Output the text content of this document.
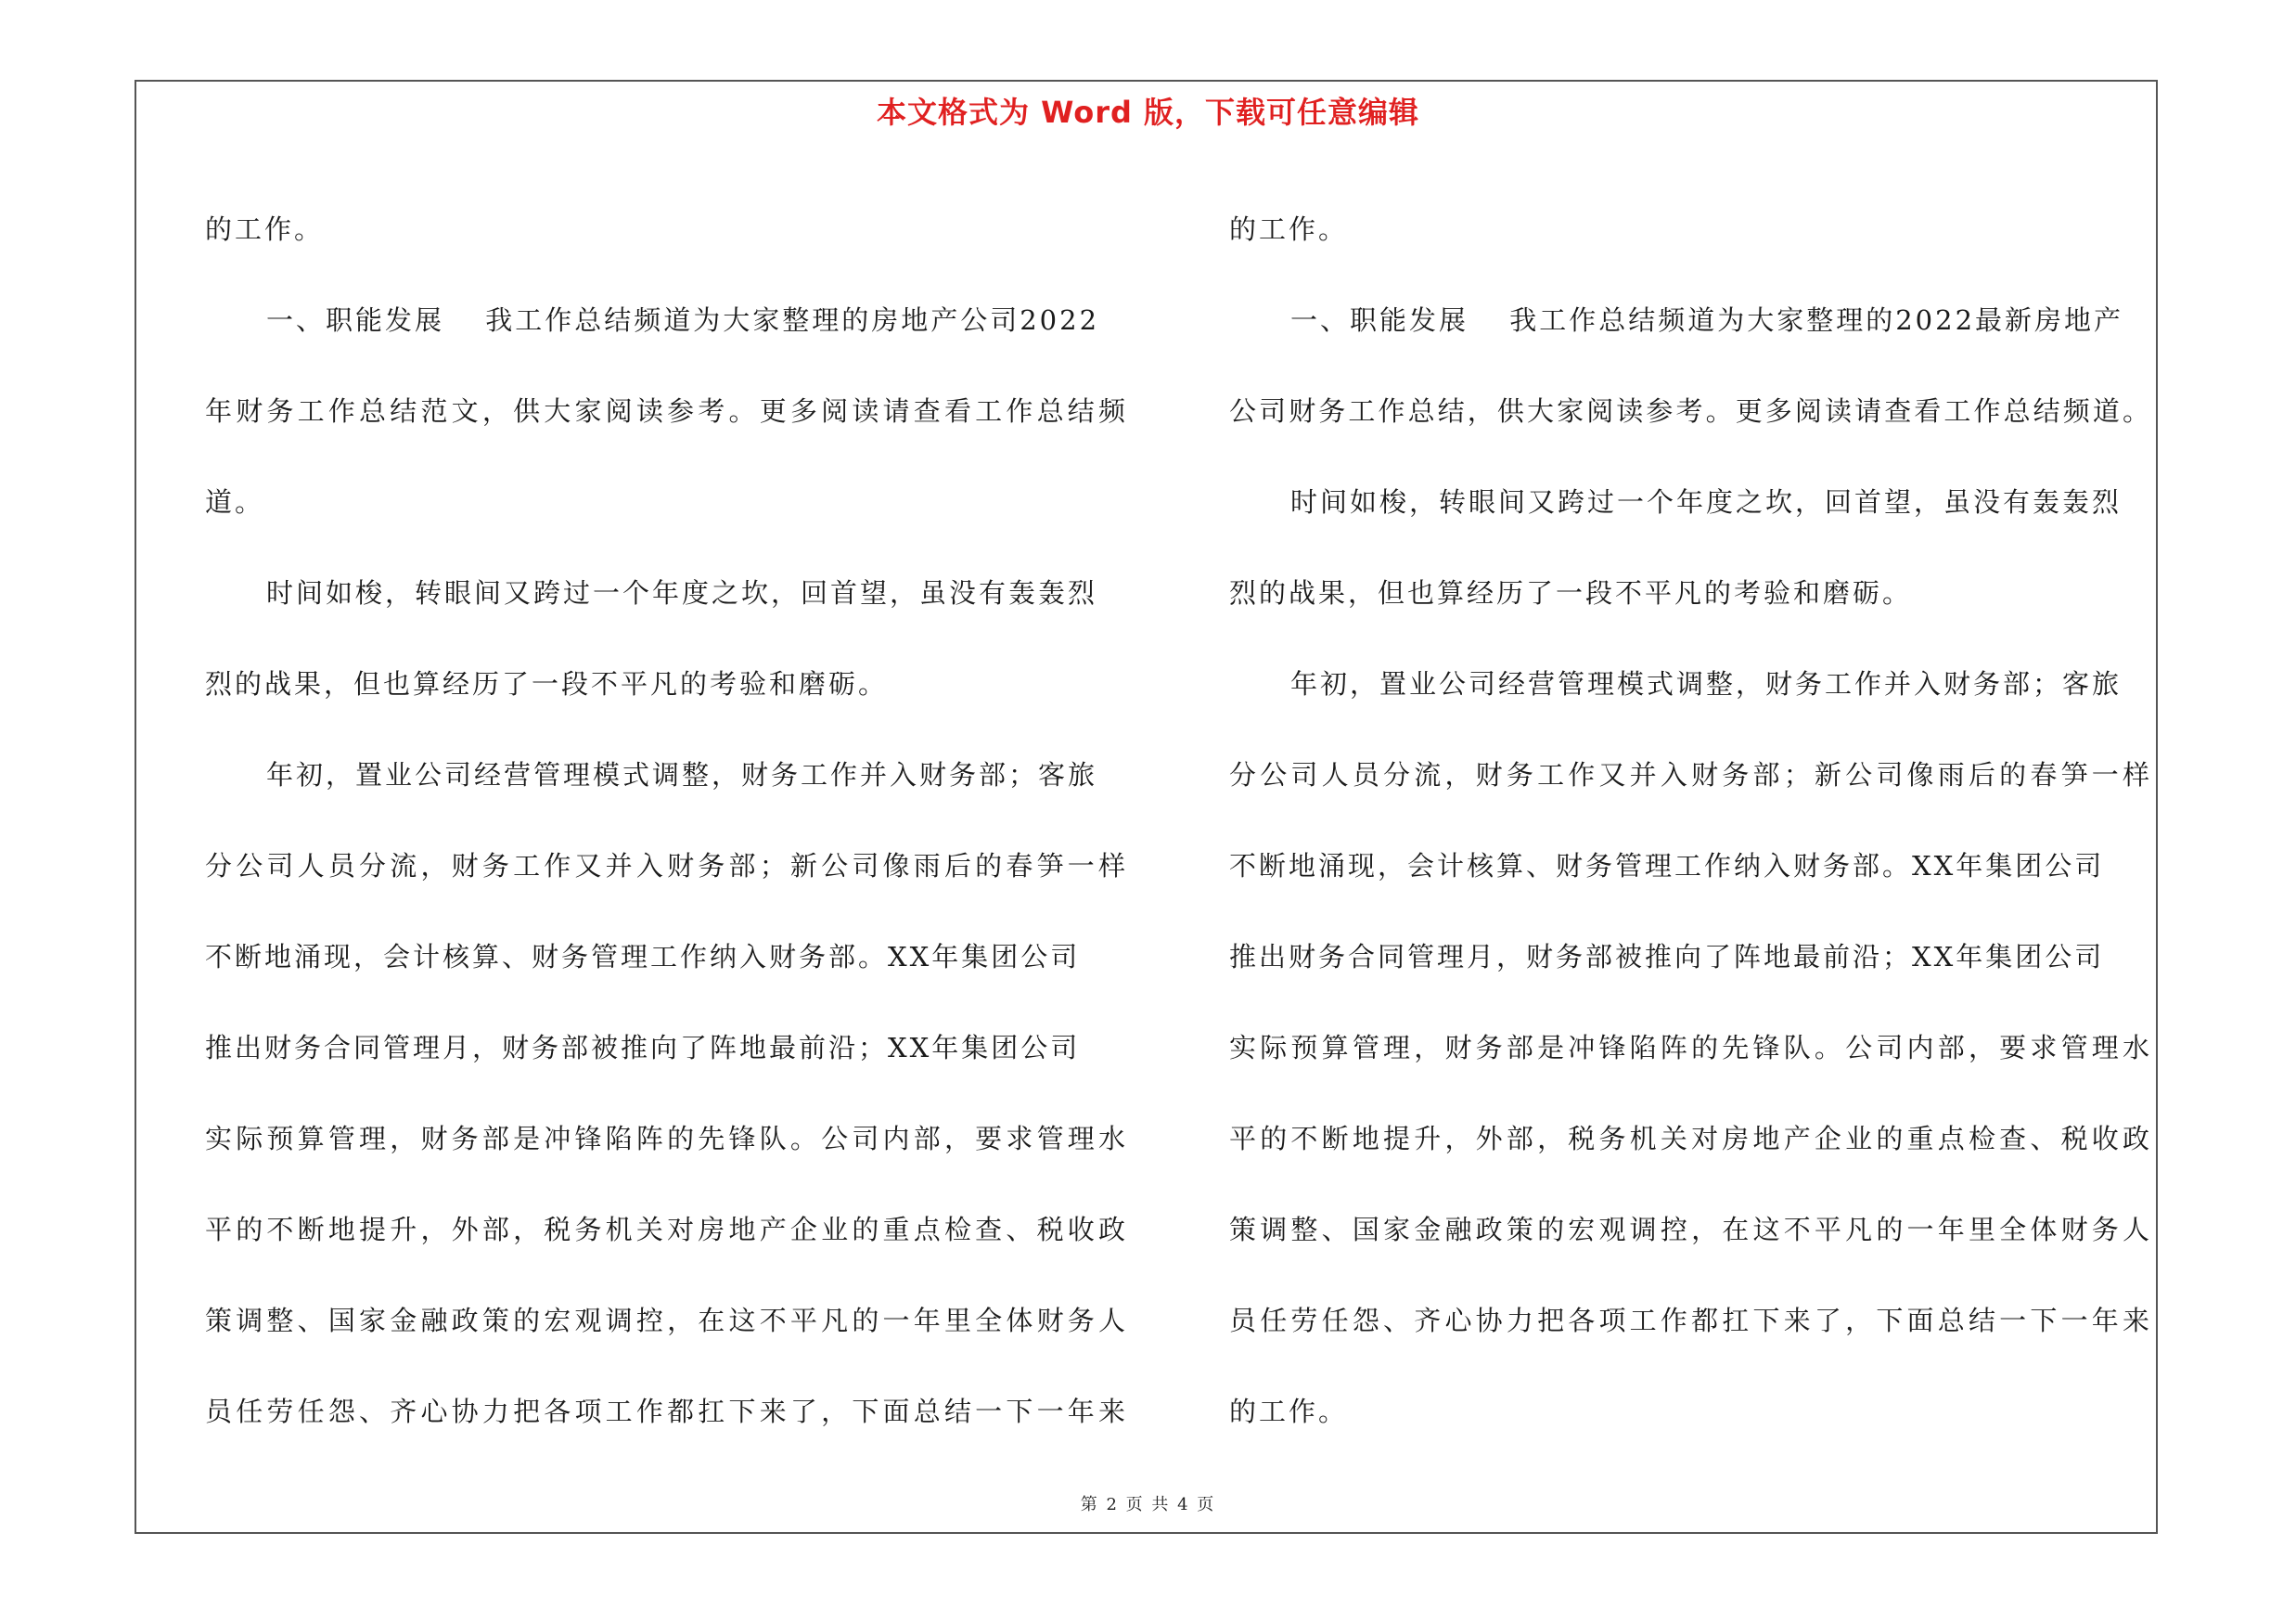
本文格式为 Word 版，下载可任意编辑
的工作。
一、职能发展　 我工作总结频道为大家整理的房地产公司2022
年财务工作总结范文，供大家阅读参考。更多阅读请查看工作总结频
道。
时间如梭，转眼间又跨过一个年度之坎，回首望，虽没有轰轰烈
烈的战果，但也算经历了一段不平凡的考验和磨砺。
年初，置业公司经营管理模式调整，财务工作并入财务部；客旅
分公司人员分流，财务工作又并入财务部；新公司像雨后的春笋一样
不断地涌现，会计核算、财务管理工作纳入财务部。XX年集团公司
推出财务合同管理月，财务部被推向了阵地最前沿；XX年集团公司
实际预算管理，财务部是冲锋陷阵的先锋队。公司内部，要求管理水
平的不断地提升，外部，税务机关对房地产企业的重点检查、税收政
策调整、国家金融政策的宏观调控，在这不平凡的一年里全体财务人
员任劳任怨、齐心协力把各项工作都扛下来了，下面总结一下一年来
的工作。
一、职能发展　 我工作总结频道为大家整理的2022最新房地产
公司财务工作总结，供大家阅读参考。更多阅读请查看工作总结频道。
时间如梭，转眼间又跨过一个年度之坎，回首望，虽没有轰轰烈
烈的战果，但也算经历了一段不平凡的考验和磨砺。
年初，置业公司经营管理模式调整，财务工作并入财务部；客旅
分公司人员分流，财务工作又并入财务部；新公司像雨后的春笋一样
不断地涌现，会计核算、财务管理工作纳入财务部。XX年集团公司
推出财务合同管理月，财务部被推向了阵地最前沿；XX年集团公司
实际预算管理，财务部是冲锋陷阵的先锋队。公司内部，要求管理水
平的不断地提升，外部，税务机关对房地产企业的重点检查、税收政
策调整、国家金融政策的宏观调控，在这不平凡的一年里全体财务人
员任劳任怨、齐心协力把各项工作都扛下来了，下面总结一下一年来
的工作。
第 2 页 共 4 页
